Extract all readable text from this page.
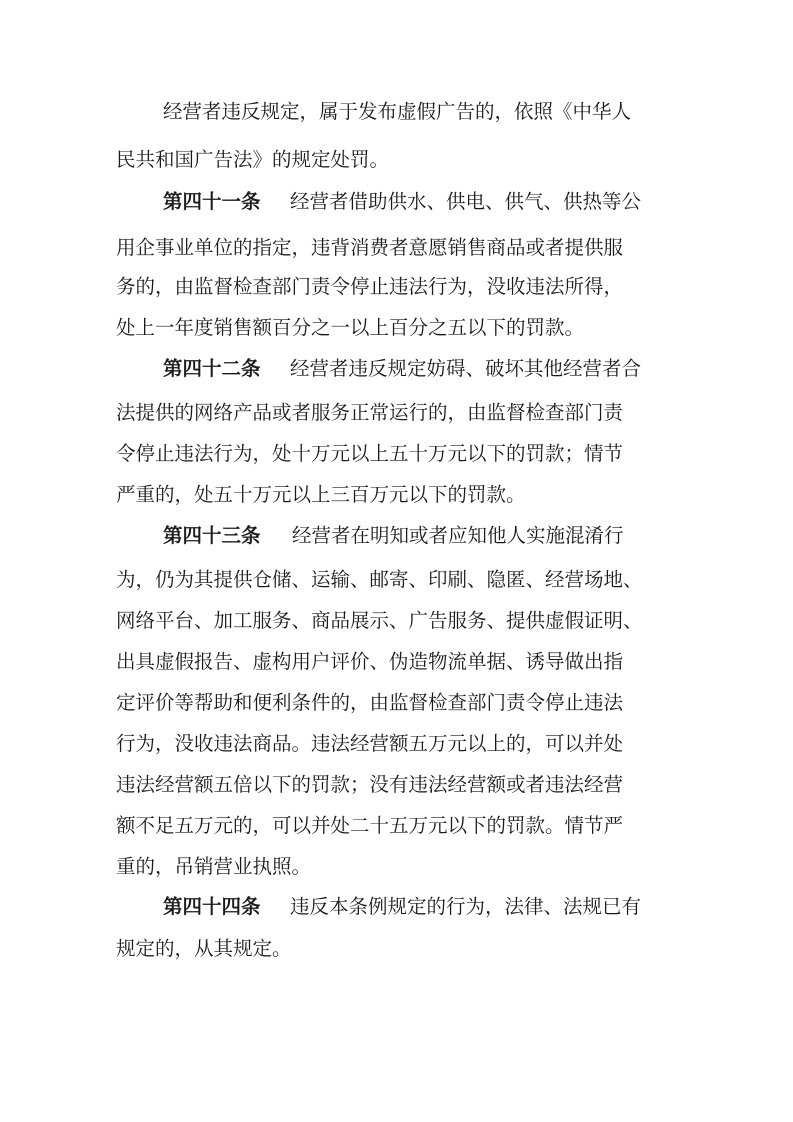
经营者违反规定，属于发布虚假广告的，依照《中华人
民共和国广告法》的规定处罚。
第四十一条 经营者借助供水、供电、供气、供热等公
用企事业单位的指定，违背消费者意愿销售商品或者提供服
务的，由监督检查部门责令停止违法行为，没收违法所得，
处上一年度销售额百分之一以上百分之五以下的罚款。
第四十二条 经营者违反规定妨碍、破坏其他经营者合
法提供的网络产品或者服务正常运行的，由监督检查部门责
令停止违法行为，处十万元以上五十万元以下的罚款；情节
严重的，处五十万元以上三百万元以下的罚款。
第四十三条 经营者在明知或者应知他人实施混淆行
为，仍为其提供仓储、运输、邮寄、印刷、隐匿、经营场地、
网络平台、加工服务、商品展示、广告服务、提供虚假证明、
出具虚假报告、虚构用户评价、伪造物流单据、诱导做出指
定评价等帮助和便利条件的，由监督检查部门责令停止违法
行为，没收违法商品。违法经营额五万元以上的，可以并处
违法经营额五倍以下的罚款；没有违法经营额或者违法经营
额不足五万元的，可以并处二十五万元以下的罚款。情节严
重的，吊销营业执照。
第四十四条 违反本条例规定的行为，法律、法规已有
规定的，从其规定。
